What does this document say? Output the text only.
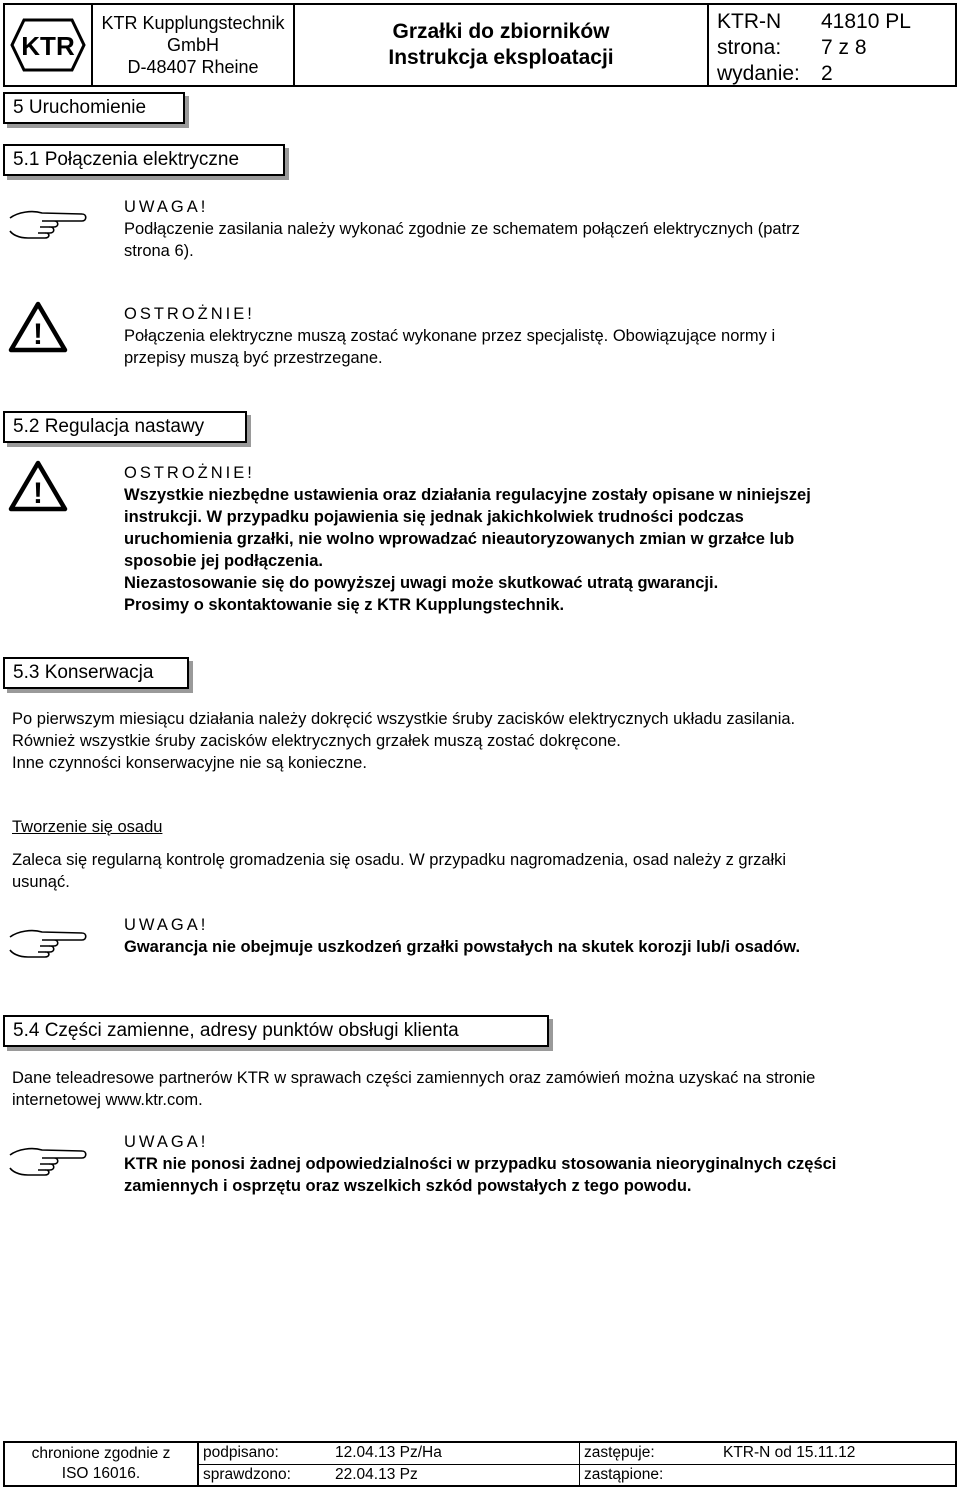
KTR
KTR Kupplungstechnik
GmbH
D-48407 Rheine
Grzałki do zbiorników
Instrukcja eksploatacji
KTR-N	41810 PL
strona:	7 z 8
wydanie:	2
5 Uruchomienie
5.1 Połączenia elektryczne
UWAGA!
Podłączenie zasilania należy wykonać zgodnie ze schematem połączeń elektrycznych (patrz
strona 6).
!
OSTROŻNIE!
Połączenia elektryczne muszą zostać wykonane przez specjalistę. Obowiązujące normy i
przepisy muszą być przestrzegane.
5.2 Regulacja nastawy
!
OSTROŻNIE!
Wszystkie niezbędne ustawienia oraz działania regulacyjne zostały opisane w niniejszej
instrukcji. W przypadku pojawienia się jednak jakichkolwiek trudności podczas
uruchomienia grzałki, nie wolno wprowadzać nieautoryzowanych zmian w grzałce lub
sposobie jej podłączenia.
Niezastosowanie się do powyższej uwagi może skutkować utratą gwarancji.
Prosimy o skontaktowanie się z KTR Kupplungstechnik.
5.3 Konserwacja
Po pierwszym miesiącu działania należy dokręcić wszystkie śruby zacisków elektrycznych układu zasilania.
Również wszystkie śruby zacisków elektrycznych grzałek muszą zostać dokręcone.
Inne czynności konserwacyjne nie są konieczne.
Tworzenie się osadu
Zaleca się regularną kontrolę gromadzenia się osadu. W przypadku nagromadzenia, osad należy z grzałki
usunąć.
UWAGA!
Gwarancja nie obejmuje uszkodzeń grzałki powstałych na skutek korozji lub/i osadów.
5.4 Części zamienne, adresy punktów obsługi klienta
Dane teleadresowe partnerów KTR w sprawach części zamiennych oraz zamówień można uzyskać na stronie
internetowej www.ktr.com.
UWAGA!
KTR nie ponosi żadnej odpowiedzialności w przypadku stosowania nieoryginalnych części
zamiennych i osprzętu oraz wszelkich szkód powstałych z tego powodu.
chronione zgodnie z
ISO 16016.
podpisano:	12.04.13 Pz/Ha	zastępuje:	KTR-N od 15.11.12
sprawdzono:	22.04.13 Pz	zastąpione:
